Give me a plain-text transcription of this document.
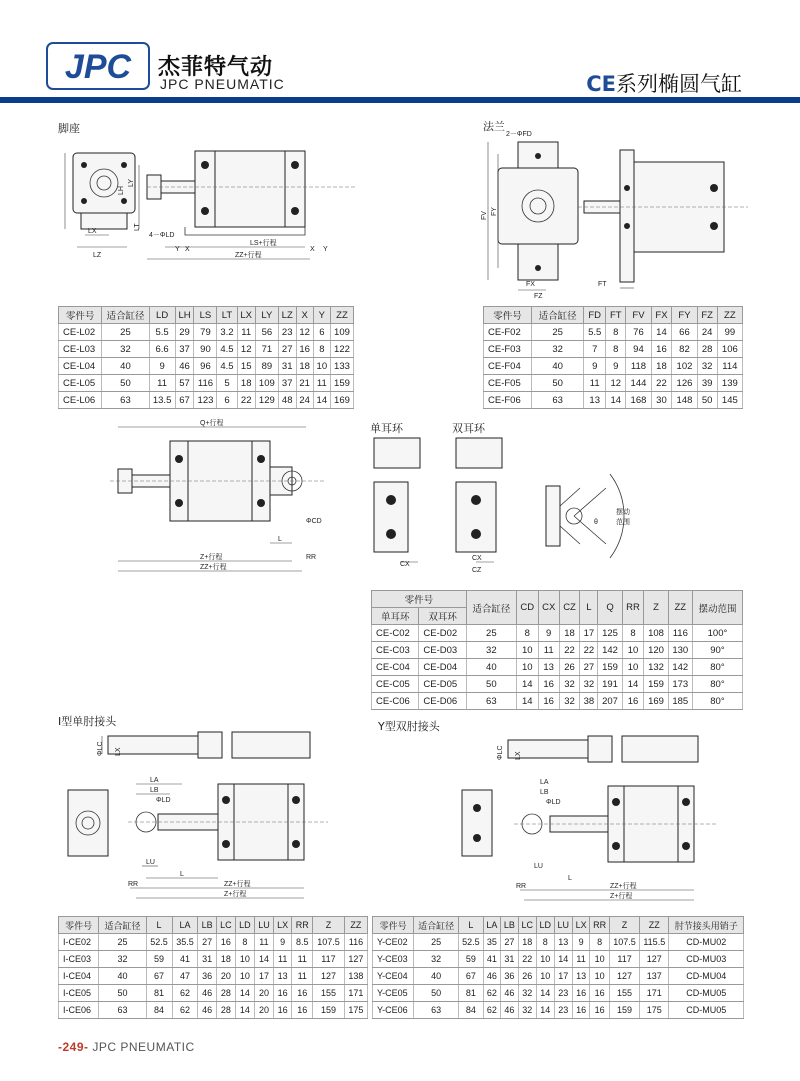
JPC 杰菲特气动
JPC PNEUMATIC	CE系列椭圆气缸
脚座
LX
LZ
LH
LY
LT
4－ΦLD
Y X	X Y
LS+行程
ZZ+行程
法兰
2－ΦFD
FV FY
FX
FZ
FT
零件号	适合缸径	LD	LH	LS	LT	LX	LY	LZ	X	Y	ZZ
CE-L02	25	5.5	29	79	3.2	11	56	23	12	6	109
CE-L03	32	6.6	37	90	4.5	12	71	27	16	8	122
CE-L04	40	9	46	96	4.5	15	89	31	18	10	133
CE-L05	50	11	57	116	5	18	109	37	21	11	159
CE-L06	63	13.5	67	123	6	22	129	48	24	14	169
零件号	适合缸径	FD	FT	FV	FX	FY	FZ	ZZ
CE-F02	25	5.5	8	76	14	66	24	99
CE-F03	32	7	8	94	16	82	28	106
CE-F04	40	9	9	118	18	102	32	114
CE-F05	50	11	12	144	22	126	39	139
CE-F06	63	13	14	168	30	148	50	145
Q+行程
ΦCD
L
Z+行程	RR
ZZ+行程
单耳环	双耳环
CX
CX
CZ
θ
摆动
范围
零件号		适合缸径	CD	CX	CZ	L	Q	RR	Z	ZZ	摆动范围
单耳环	双耳环										
CE-C02	CE-D02	25	8	9	18	17	125	8	108	116	100°
CE-C03	CE-D03	32	10	11	22	22	142	10	120	130	90°
CE-C04	CE-D04	40	10	13	26	27	159	10	132	142	80°
CE-C05	CE-D05	50	14	16	32	32	191	14	159	173	80°
CE-C06	CE-D06	63	14	16	32	38	207	16	169	185	80°
I型单肘接头
ΦLC LX
LA
LB
ΦLD
LU
L
RR	ZZ+行程
Z+行程
Y型双肘接头
ΦLC LX
LA
LB
ΦLD
LU
L
RR	ZZ+行程
Z+行程
零件号	适合缸径	L	LA	LB	LC	LD	LU	LX	RR	Z	ZZ
I-CE02	25	52.5	35.5	27	16	8	11	9	8.5	107.5	116
I-CE03	32	59	41	31	18	10	14	11	11	117	127
I-CE04	40	67	47	36	20	10	17	13	11	127	138
I-CE05	50	81	62	46	28	14	20	16	16	155	171
I-CE06	63	84	62	46	28	14	20	16	16	159	175
零件号	适合缸径	L	LA	LB	LC	LD	LU	LX	RR	Z	ZZ	肘节接头用销子
Y-CE02	25	52.5	35	27	18	8	13	9	8	107.5	115.5	CD-MU02
Y-CE03	32	59	41	31	22	10	14	11	10	117	127	CD-MU03
Y-CE04	40	67	46	36	26	10	17	13	10	127	137	CD-MU04
Y-CE05	50	81	62	46	32	14	23	16	16	155	171	CD-MU05
Y-CE06	63	84	62	46	32	14	23	16	16	159	175	CD-MU05
-249- JPC PNEUMATIC
